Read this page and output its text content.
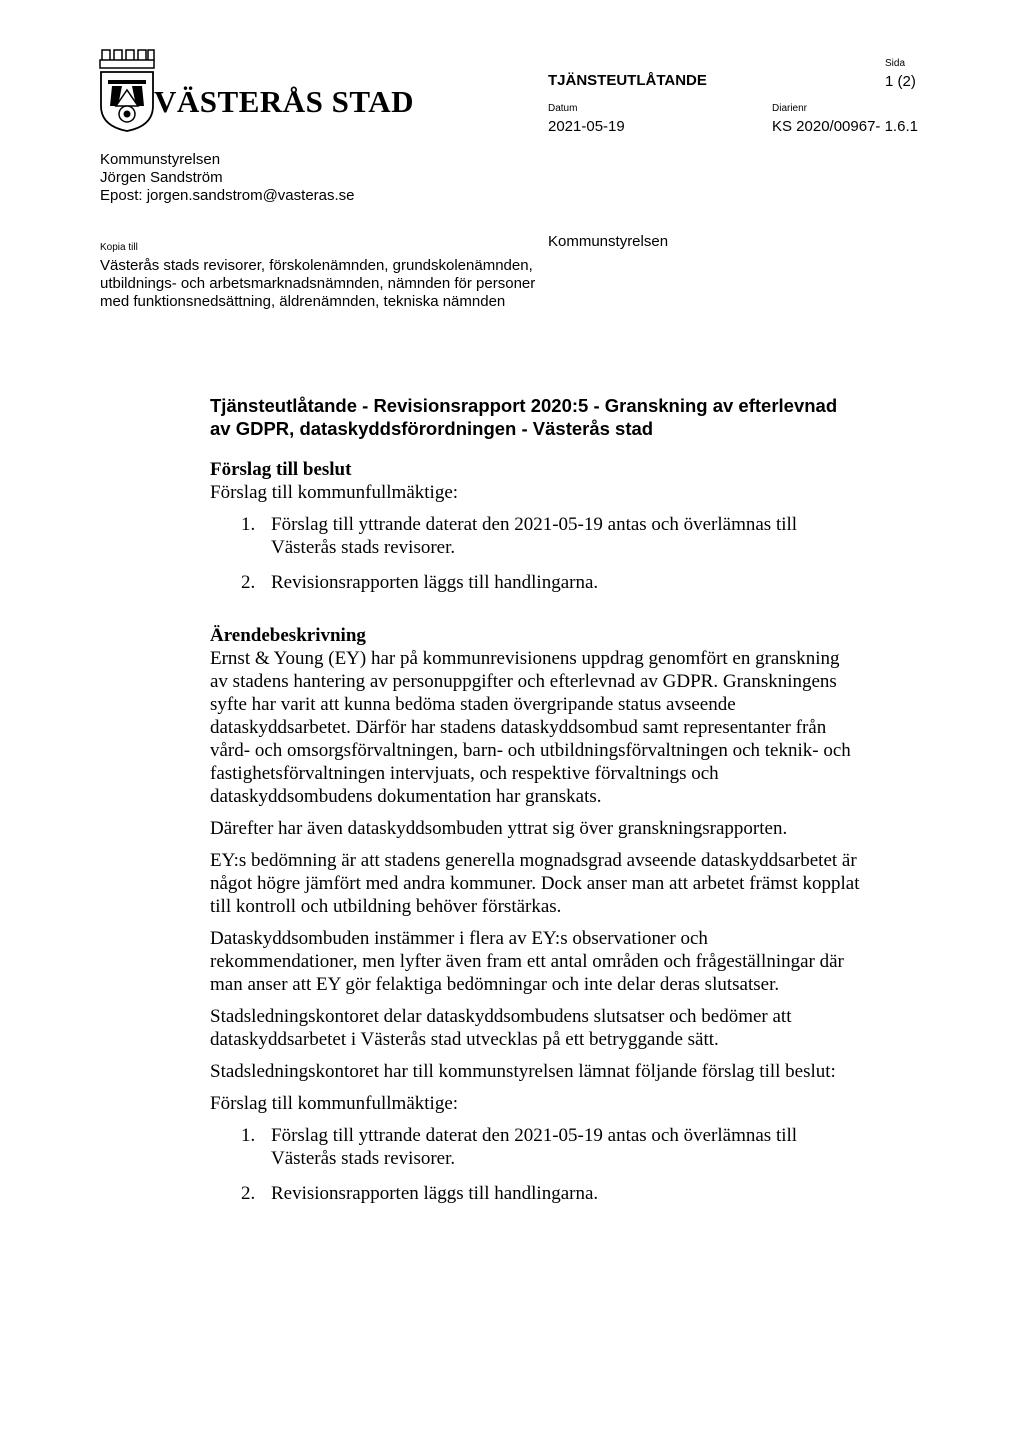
VÄSTERÅS STAD
TJÄNSTEUTLÅTANDE
Sida
1 (2)
Datum
2021-05-19
Diarienr
KS 2020/00967- 1.6.1
Kommunstyrelsen
Jörgen Sandström
Epost: jorgen.sandstrom@vasteras.se
Kopia till
Västerås stads revisorer, förskolenämnden, grundskolenämnden, utbildnings- och arbetsmarknadsnämnden, nämnden för personer med funktionsnedsättning, äldrenämnden, tekniska nämnden
Kommunstyrelsen
Tjänsteutlåtande - Revisionsrapport 2020:5 - Granskning av efterlevnad av GDPR, dataskyddsförordningen - Västerås stad
Förslag till beslut
Förslag till kommunfullmäktige:
1. Förslag till yttrande daterat den 2021-05-19 antas och överlämnas till Västerås stads revisorer.
2. Revisionsrapporten läggs till handlingarna.
Ärendebeskrivning
Ernst & Young (EY) har på kommunrevisionens uppdrag genomfört en granskning av stadens hantering av personuppgifter och efterlevnad av GDPR. Granskningens syfte har varit att kunna bedöma staden övergripande status avseende dataskyddsarbetet. Därför har stadens dataskyddsombud samt representanter från vård- och omsorgsförvaltningen, barn- och utbildningsförvaltningen och teknik- och fastighetsförvaltningen intervjuats, och respektive förvaltnings och dataskyddsombudens dokumentation har granskats.
Därefter har även dataskyddsombuden yttrat sig över granskningsrapporten.
EY:s bedömning är att stadens generella mognadsgrad avseende dataskyddsarbetet är något högre jämfört med andra kommuner. Dock anser man att arbetet främst kopplat till kontroll och utbildning behöver förstärkas.
Dataskyddsombuden instämmer i flera av EY:s observationer och rekommendationer, men lyfter även fram ett antal områden och frågeställningar där man anser att EY gör felaktiga bedömningar och inte delar deras slutsatser.
Stadsledningskontoret delar dataskyddsombudens slutsatser och bedömer att dataskyddsarbetet i Västerås stad utvecklas på ett betryggande sätt.
Stadsledningskontoret har till kommunstyrelsen lämnat följande förslag till beslut:
Förslag till kommunfullmäktige:
1. Förslag till yttrande daterat den 2021-05-19 antas och överlämnas till Västerås stads revisorer.
2. Revisionsrapporten läggs till handlingarna.
